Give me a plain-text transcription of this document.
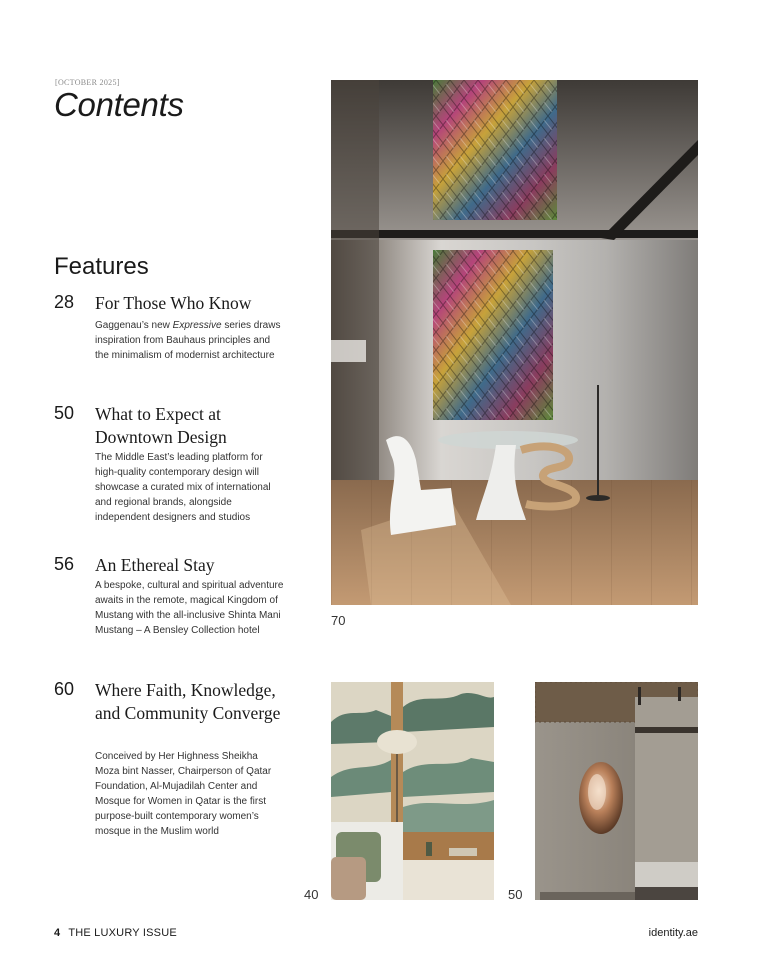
[OCTOBER 2025]
Contents
Features
28 For Those Who Know

Gaggenau’s new Expressive series draws inspiration from Bauhaus principles and the minimalism of modernist architecture

50 What to Expect at Downtown Design

The Middle East’s leading platform for high-quality contemporary design will showcase a curated mix of international and regional brands, alongside independent designers and studios

56 An Ethereal Stay

A bespoke, cultural and spiritual adventure awaits in the remote, magical Kingdom of Mustang with the all-inclusive Shinta Mani Mustang – A Bensley Collection hotel

60 Where Faith, Knowledge, and Community Converge

Conceived by Her Highness Sheikha Moza bint Nasser, Chairperson of Qatar Foundation, Al-Mujadilah Center and Mosque for Women in Qatar is the first purpose-built contemporary women’s mosque in the Muslim world

70
40	50
4 THE LUXURY ISSUE	identity.ae
